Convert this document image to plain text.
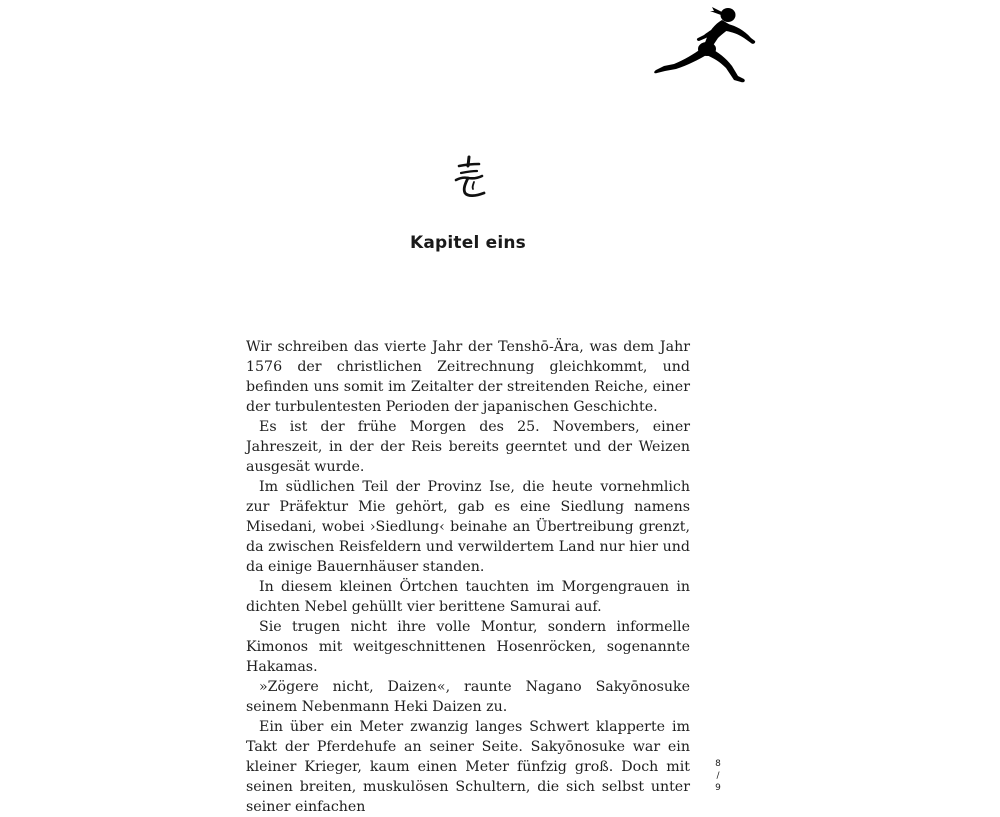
Kapitel eins

Wir schreiben das vierte Jahr der Tenshō-Ära, was dem Jahr 1576 der christlichen Zeitrechnung gleichkommt, und befinden uns somit im Zeitalter der streitenden Reiche, einer der turbulentesten Perioden der japanischen Geschichte.

Es ist der frühe Morgen des 25. Novembers, einer Jahreszeit, in der der Reis bereits geerntet und der Weizen ausgesät wurde.

Im südlichen Teil der Provinz Ise, die heute vornehmlich zur Präfektur Mie gehört, gab es eine Siedlung namens Misedani, wobei ›Siedlung‹ beinahe an Übertreibung grenzt, da zwischen Reisfeldern und verwildertem Land nur hier und da einige Bauernhäuser standen.

In diesem kleinen Örtchen tauchten im Morgengrauen in dichten Nebel gehüllt vier berittene Samurai auf.

Sie trugen nicht ihre volle Montur, sondern informelle Kimonos mit weitgeschnittenen Hosenröcken, sogenannte Hakamas.

»Zögere nicht, Daizen«, raunte Nagano Sakyōnosuke seinem Nebenmann Heki Daizen zu.

Ein über ein Meter zwanzig langes Schwert klapperte im Takt der Pferdehufe an seiner Seite. Sakyōnosuke war ein kleiner Krieger, kaum einen Meter fünfzig groß. Doch mit seinen breiten, muskulösen Schultern, die sich selbst unter seiner einfachen

8
/
9
